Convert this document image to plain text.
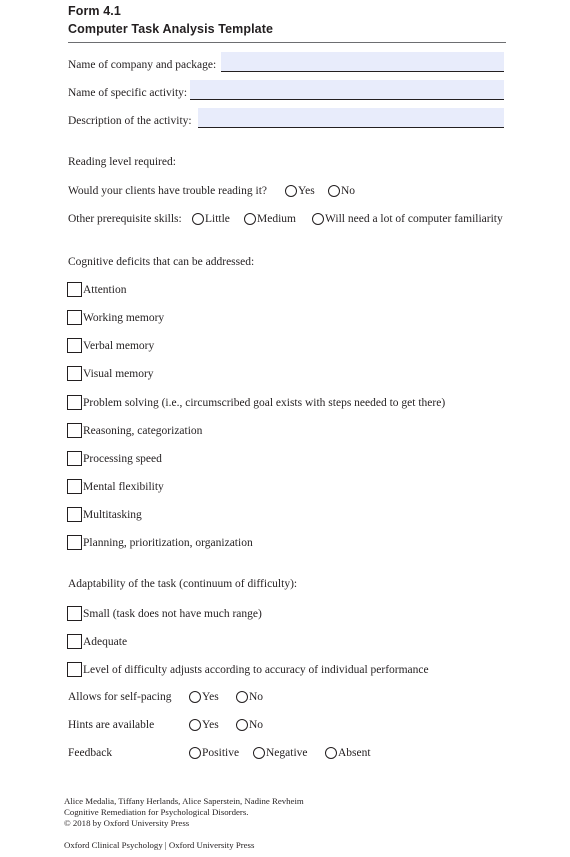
Form 4.1
Computer Task Analysis Template
Name of company and package:
Name of specific activity:
Description of the activity:
Reading level required:
Would your clients have trouble reading it?	Yes No
Other prerequisite skills: Little Medium	Will need a lot of computer familiarity
Cognitive deficits that can be addressed:
Attention
Working memory
Verbal memory
Visual memory
Problem solving (i.e., circumscribed goal exists with steps needed to get there)
Reasoning, categorization
Processing speed
Mental flexibility
Multitasking
Planning, prioritization, organization
Adaptability of the task (continuum of difficulty):
Small (task does not have much range)
Adequate
Level of difficulty adjusts according to accuracy of individual performance
Allows for self-pacing	Yes	No
Hints are available	Yes	No
Feedback	Positive Negative	Absent
Alice Medalia, Tiffany Herlands, Alice Saperstein, Nadine Revheim
Cognitive Remediation for Psychological Disorders.
© 2018 by Oxford University Press
Oxford Clinical Psychology | Oxford University Press
